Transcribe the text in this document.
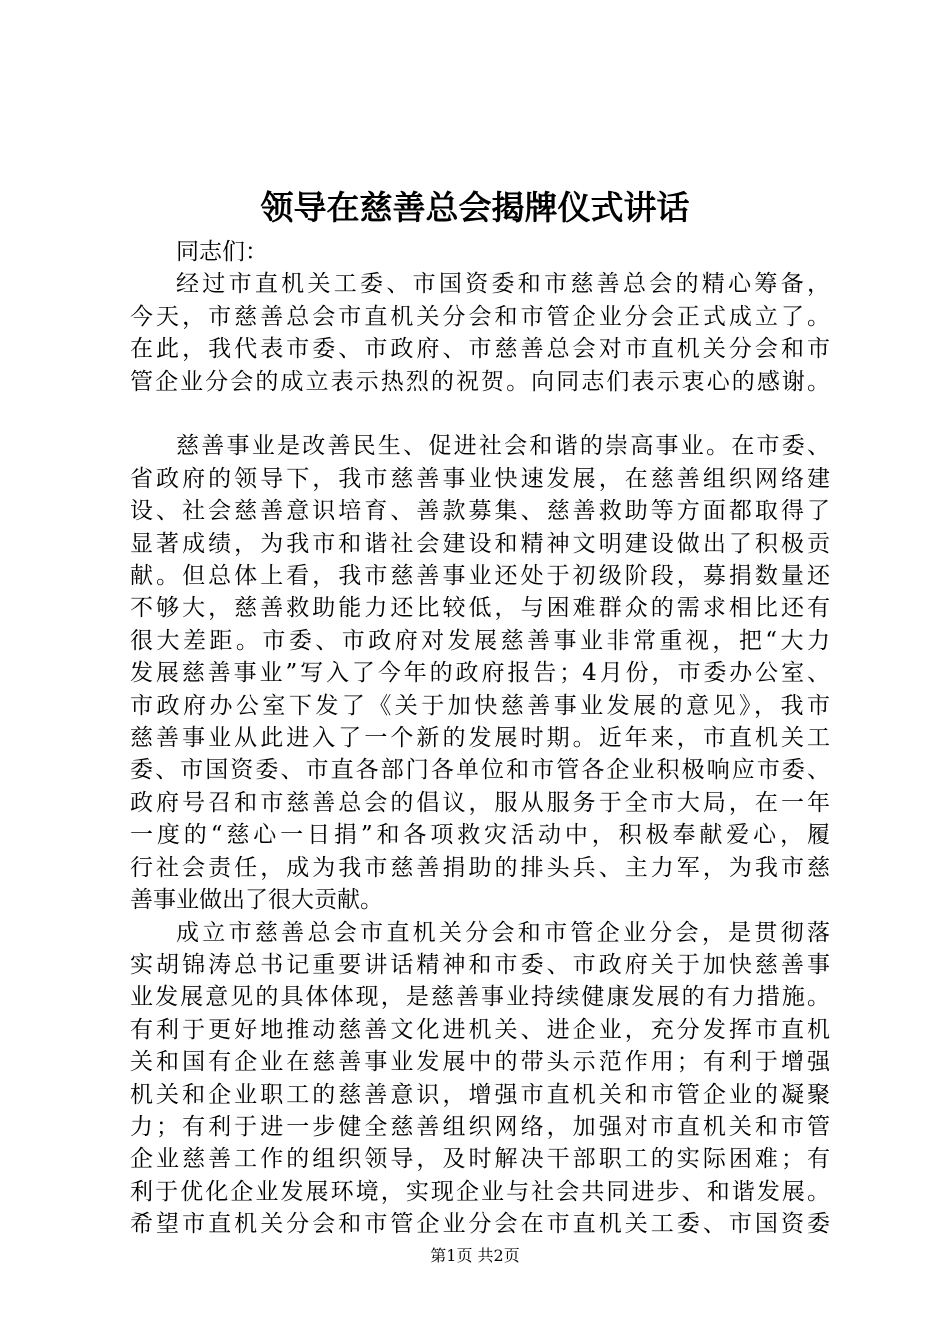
领导在慈善总会揭牌仪式讲话

同志们：

经过市直机关工委、市国资委和市慈善总会的精心筹备，

今天，市慈善总会市直机关分会和市管企业分会正式成立了。

在此，我代表市委、市政府、市慈善总会对市直机关分会和市

管企业分会的成立表示热烈的祝贺。向同志们表示衷心的感谢。

慈善事业是改善民生、促进社会和谐的崇高事业。在市委、

省政府的领导下，我市慈善事业快速发展，在慈善组织网络建

设、社会慈善意识培育、善款募集、慈善救助等方面都取得了

显著成绩，为我市和谐社会建设和精神文明建设做出了积极贡

献。但总体上看，我市慈善事业还处于初级阶段，募捐数量还

不够大，慈善救助能力还比较低，与困难群众的需求相比还有

很大差距。市委、市政府对发展慈善事业非常重视，把“大力

发展慈善事业”写入了今年的政府报告；4月份，市委办公室、

市政府办公室下发了《关于加快慈善事业发展的意见》，我市

慈善事业从此进入了一个新的发展时期。近年来，市直机关工

委、市国资委、市直各部门各单位和市管各企业积极响应市委、

政府号召和市慈善总会的倡议，服从服务于全市大局，在一年

一度的“慈心一日捐”和各项救灾活动中，积极奉献爱心，履

行社会责任，成为我市慈善捐助的排头兵、主力军，为我市慈

善事业做出了很大贡献。

成立市慈善总会市直机关分会和市管企业分会，是贯彻落

实胡锦涛总书记重要讲话精神和市委、市政府关于加快慈善事

业发展意见的具体体现，是慈善事业持续健康发展的有力措施。

有利于更好地推动慈善文化进机关、进企业，充分发挥市直机

关和国有企业在慈善事业发展中的带头示范作用；有利于增强

机关和企业职工的慈善意识，增强市直机关和市管企业的凝聚

力；有利于进一步健全慈善组织网络，加强对市直机关和市管

企业慈善工作的组织领导，及时解决干部职工的实际困难；有

利于优化企业发展环境，实现企业与社会共同进步、和谐发展。

希望市直机关分会和市管企业分会在市直机关工委、市国资委

第1页 共2页
